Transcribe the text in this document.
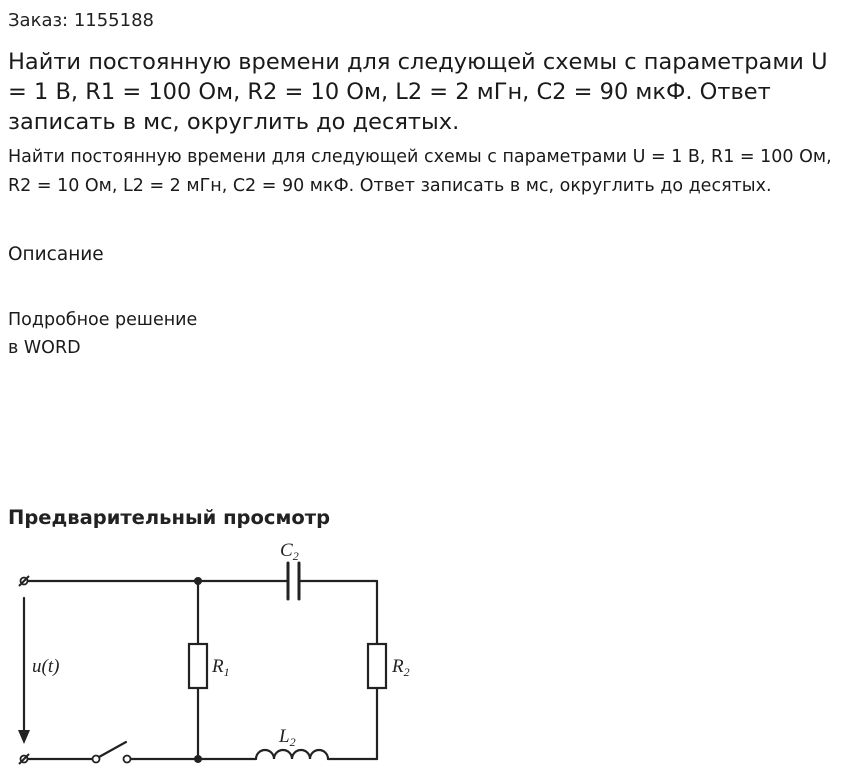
Заказ: 1155188
Найти постоянную времени для следующей схемы с параметрами U = 1 В, R1 = 100 Ом, R2 = 10 Ом, L2 = 2 мГн, C2 = 90 мкФ. Ответ записать в мс, округлить до десятых.

Найти постоянную времени для следующей схемы с параметрами U = 1 В, R1 = 100 Ом, R2 = 10 Ом, L2 = 2 мГн, C2 = 90 мкФ. Ответ записать в мс, округлить до десятых.

Описание
Подробное решение
в WORD
Предварительный просмотр
u(t)
$C_2$
$R_1$	$R_2$
$L_2$
